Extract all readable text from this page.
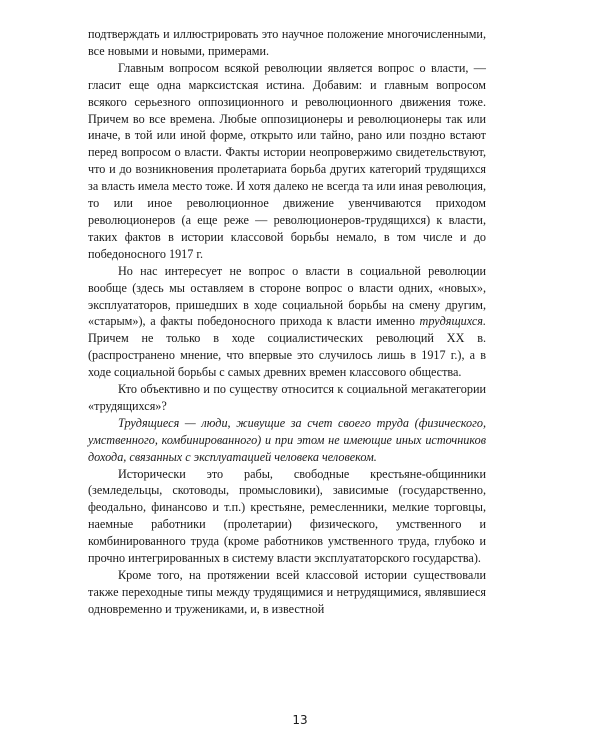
подтверждать и иллюстрировать это научное положение многочисленными, все новыми и новыми, примерами.

Главным вопросом всякой революции является вопрос о власти, — гласит еще одна марксистская истина. Добавим: и главным вопросом всякого серьезного оппозиционного и революционного движения тоже. Причем во все времена. Любые оппозиционеры и революционеры так или иначе, в той или иной форме, открыто или тайно, рано или поздно встают перед вопросом о власти. Факты истории неопровержимо свидетельствуют, что и до возникновения пролетариата борьба других категорий трудящихся за власть имела место тоже. И хотя далеко не всегда та или иная революция, то или иное революционное движение увенчиваются приходом революционеров (а еще реже — революционеров-трудящихся) к власти, таких фактов в истории классовой борьбы немало, в том числе и до победоносного 1917 г.

Но нас интересует не вопрос о власти в социальной революции вообще (здесь мы оставляем в стороне вопрос о власти одних, «новых», эксплуататоров, пришедших в ходе социальной борьбы на смену другим, «старым»), а факты победоносного прихода к власти именно трудящихся. Причем не только в ходе социалистических революций XX в. (распространено мнение, что впервые это случилось лишь в 1917 г.), а в ходе социальной борьбы с самых древних времен классового общества.

Кто объективно и по существу относится к социальной мегакатегории «трудящихся»?

Трудящиеся — люди, живущие за счет своего труда (физического, умственного, комбинированного) и при этом не имеющие иных источников дохода, связанных с эксплуатацией человека человеком.

Исторически это рабы, свободные крестьяне-общинники (земледельцы, скотоводы, промысловики), зависимые (государственно, феодально, финансово и т.п.) крестьяне, ремесленники, мелкие торговцы, наемные работники (пролетарии) физического, умственного и комбинированного труда (кроме работников умственного труда, глубоко и прочно интегрированных в систему власти эксплуататорского государства).

Кроме того, на протяжении всей классовой истории существовали также переходные типы между трудящимися и нетрудящимися, являвшиеся одновременно и тружениками, и, в известной

13
